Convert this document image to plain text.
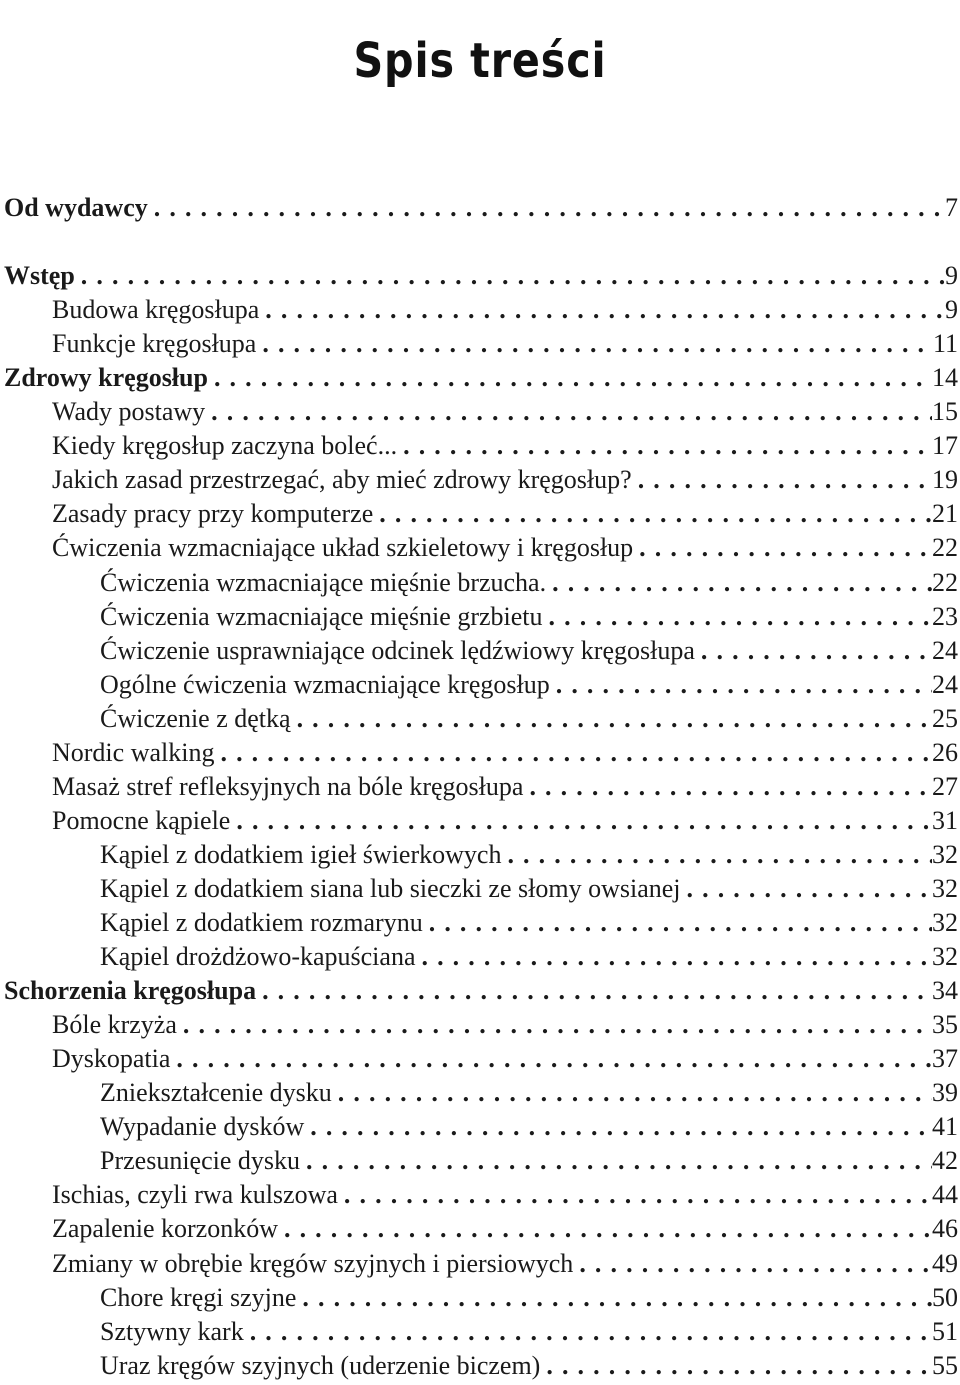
Spis treści
Od wydawcy . . .	7
Wstęp . . .	9
Budowa kręgosłupa . . .	9
Funkcje kręgosłupa . . .	11
Zdrowy kręgosłup . . .	14
Wady postawy . . .	15
Kiedy kręgosłup zaczyna boleć... . . .	17
Jakich zasad przestrzegać, aby mieć zdrowy kręgosłup? . . .	19
Zasady pracy przy komputerze . . .	21
Ćwiczenia wzmacniające układ szkieletowy i kręgosłup . . .	22
Ćwiczenia wzmacniające mięśnie brzucha. . . .	22
Ćwiczenia wzmacniające mięśnie grzbietu . . .	23
Ćwiczenie usprawniające odcinek lędźwiowy kręgosłupa . . .	24
Ogólne ćwiczenia wzmacniające kręgosłup . . .	24
Ćwiczenie z dętką . . .	25
Nordic walking . . .	26
Masaż stref refleksyjnych na bóle kręgosłupa . . .	27
Pomocne kąpiele . . .	31
Kąpiel z dodatkiem igieł świerkowych . . .	32
Kąpiel z dodatkiem siana lub sieczki ze słomy owsianej . . .	32
Kąpiel z dodatkiem rozmarynu . . .	32
Kąpiel drożdżowo-kapuściana . . .	32
Schorzenia kręgosłupa . . .	34
Bóle krzyża . . .	35
Dyskopatia . . .	37
Zniekształcenie dysku . . .	39
Wypadanie dysków . . .	41
Przesunięcie dysku . . .	42
Ischias, czyli rwa kulszowa . . .	44
Zapalenie korzonków . . .	46
Zmiany w obrębie kręgów szyjnych i piersiowych . . .	49
Chore kręgi szyjne . . .	50
Sztywny kark . . .	51
Uraz kręgów szyjnych (uderzenie biczem) . . .	55
